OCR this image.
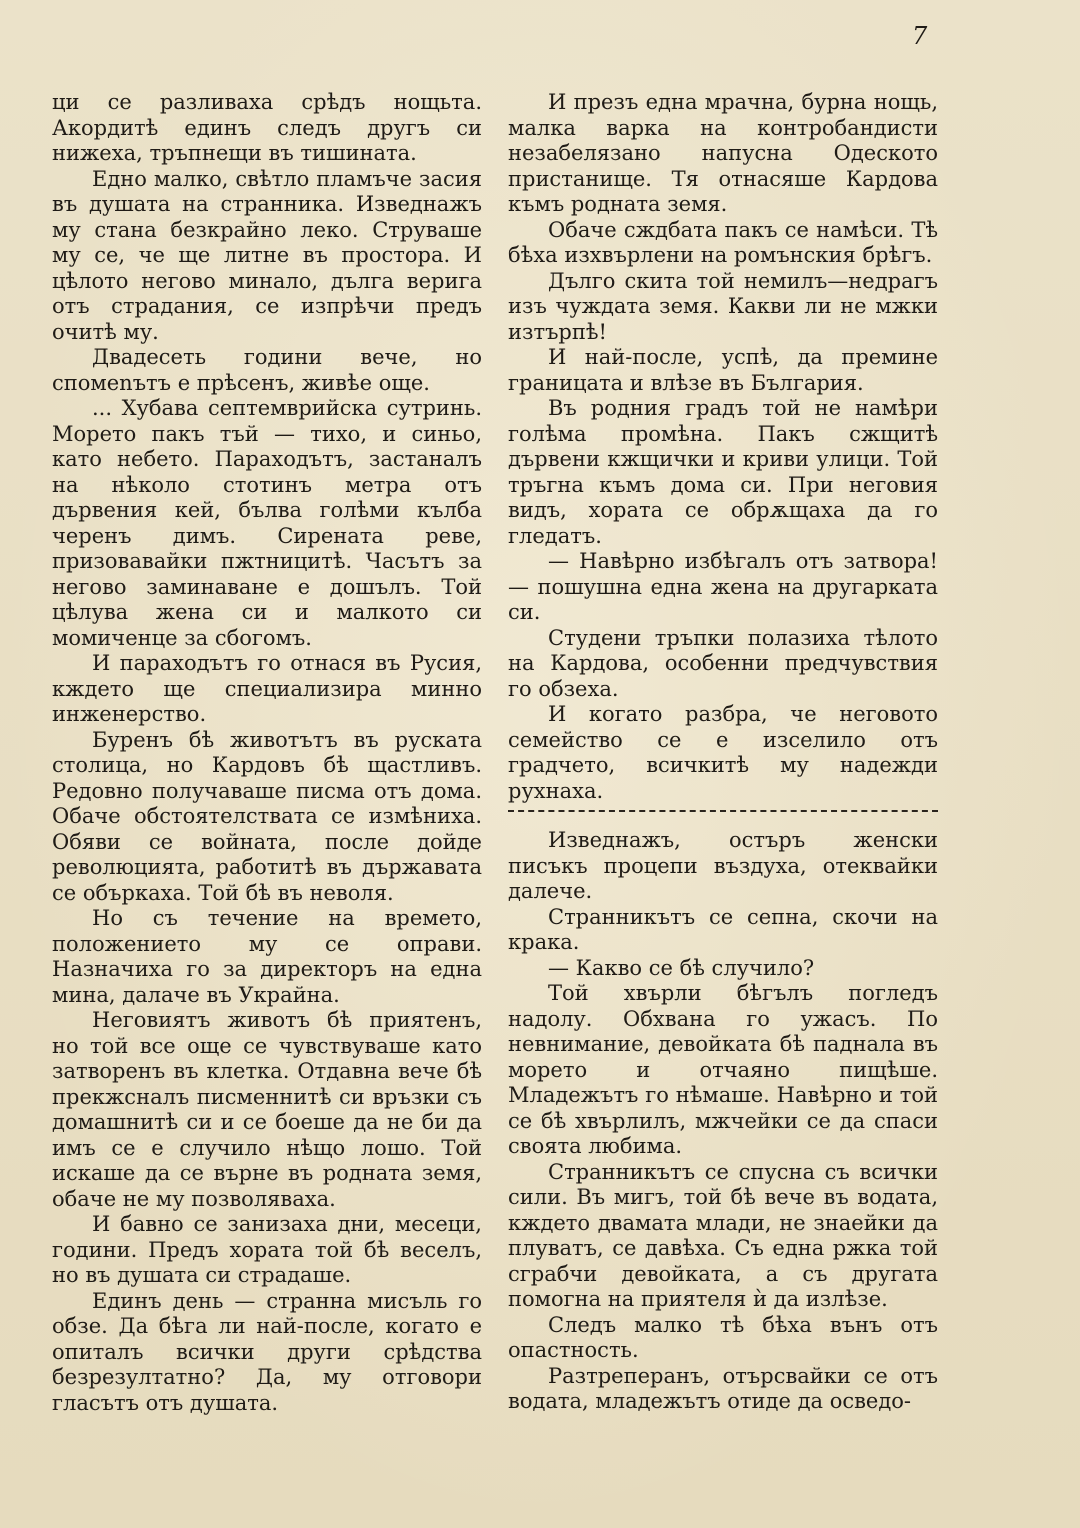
7

ци се разливаха срѣдъ нощьта. Акордитѣ единъ следъ другъ си нижеха, тръпнещи въ тишината.

Едно малко, свѣтло пламъче засия въ душата на странника. Изведнажъ му стана безкрайно леко. Струваше му се, че ще литне въ простора. И цѣлото негово минало, дълга верига отъ страдания, се изпрѣчи предъ очитѣ му.

Двадесеть години вече, но спомenътъ е прѣсенъ, живѣе още.

... Хубава септемврийска сутринь. Морето пакъ тъй — тихо, и синьо, като небето. Параходътъ, застаналъ на нѣколо стотинъ метра отъ дървения кей, бълва голѣми кълба черенъ димъ. Сирената реве, призовавайки пжтницитѣ. Часътъ за негово заминаване е дошълъ. Той цѣлува жена си и малкото си момиченце за сбогомъ.

И параходътъ го отнася въ Русия, кждето ще специализира минно инженерство.

Буренъ бѣ животътъ въ руската столица, но Кардовъ бѣ щастливъ. Редовно получаваше писма отъ дома. Обаче обстоятелствата се измѣниха. Обяви се войната, после дойде революцията, работитѣ въ държавата се объркаха. Той бѣ въ неволя.

Но съ течение на времето, положението му се оправи. Назначиха го за директоръ на една мина, далаче въ Украйна.

Неговиятъ животъ бѣ приятенъ, но той все още се чувствуваше като затворенъ въ клетка. Отдавна вече бѣ прекжсналъ писменнитѣ си връзки съ домашнитѣ си и се боеше да не би да имъ се е случило нѣщо лошо. Той искаше да се върне въ родната земя, обаче не му позволяваха.

И бавно се занизаха дни, месеци, години. Предъ хората той бѣ веселъ, но въ душата си страдаше.

Единъ день — странна мисъль го обзе. Да бѣга ли най-после, когато е опиталъ всички други срѣдства безрезултатно? Да, му отговори гласътъ отъ душата.

И презъ една мрачна, бурна нощь, малка варка на контробандисти незабелязано напусна Одеското пристанище. Тя отнасяше Кардова къмъ родната земя.

Обаче сждбата пакъ се намѣси. Тѣ бѣха изхвърлени на ромънския брѣгъ.

Дълго скита той немилъ—недрагъ изъ чуждата земя. Какви ли не мжки изтърпѣ!

И най-после, успѣ, да премине границата и влѣзе въ България.

Въ родния градъ той не намѣри голѣма промѣна. Пакъ сжщитѣ дървени кжщички и криви улици. Той тръгна къмъ дома си. При неговия видъ, хората се обрѫщаха да го гледатъ.

— Навѣрно избѣгалъ отъ затвора! — пошушна една жена на другарката си.

Студени тръпки полазиха тѣлото на Кардова, особенни предчувствия го обзеха.

И когато разбра, че неговото семейство се е изселило отъ градчето, всичкитѣ му надежди рухнаха.

Изведнажъ, остъръ женски писъкъ процепи въздуха, отеквайки далече.

Странникътъ се сепна, скочи на крака.

— Какво се бѣ случило?

Той хвърли бѣгълъ погледъ надолу. Обхвана го ужасъ. По невнимание, девойката бѣ паднала въ морето и отчаяно пищѣше. Младежътъ го нѣмаше. Навѣрно и той се бѣ хвърлилъ, мжчейки се да спаси своята любима.

Странникътъ се спусна съ всички сили. Въ мигъ, той бѣ вече въ водата, кждето двамата млади, не знаейки да плуватъ, се давѣха. Съ една ржка той сграбчи девойката, а съ другата помогна на приятеля ѝ да излѣзе.

Следъ малко тѣ бѣха вънъ отъ опастность.

Разтреперанъ, отърсвайки се отъ водата, младежътъ отиде да осведо-
